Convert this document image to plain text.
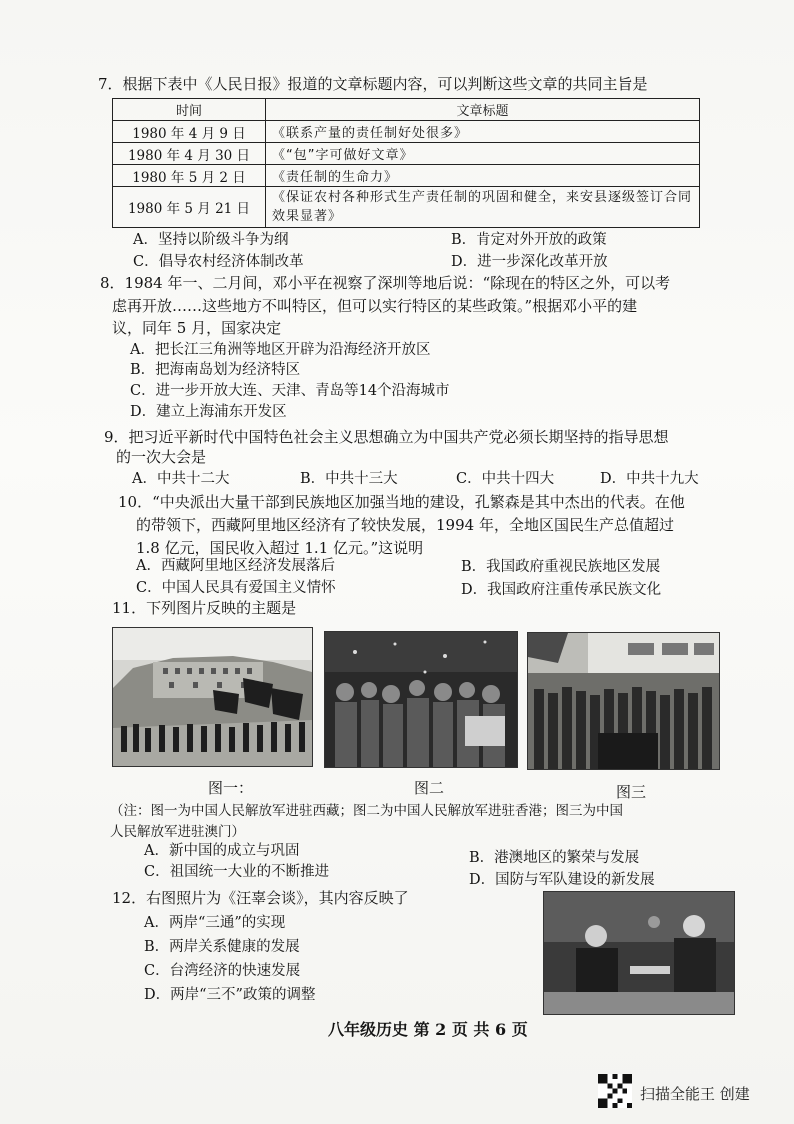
7．根据下表中《人民日报》报道的文章标题内容，可以判断这些文章的共同主旨是
时间	文章标题
1980 年 4 月 9 日	《联系产量的责任制好处很多》
1980 年 4 月 30 日	《“包”字可做好文章》
1980 年 5 月 2 日	《责任制的生命力》
1980 年 5 月 21 日	《保证农村各种形式生产责任制的巩固和健全，来安县逐级签订合同效果显著》
A．坚持以阶级斗争为纲	B．肯定对外开放的政策
C．倡导农村经济体制改革	D．进一步深化改革开放
8．1984 年一、二月间，邓小平在视察了深圳等地后说：“除现在的特区之外，可以考
虑再开放……这些地方不叫特区，但可以实行特区的某些政策。”根据邓小平的建
议，同年 5 月，国家决定
A．把长江三角洲等地区开辟为沿海经济开放区
B．把海南岛划为经济特区
C．进一步开放大连、天津、青岛等14个沿海城市
D．建立上海浦东开发区
9．把习近平新时代中国特色社会主义思想确立为中国共产党必须长期坚持的指导思想
的一次大会是
A．中共十二大	B．中共十三大	C．中共十四大	D．中共十九大
10．“中央派出大量干部到民族地区加强当地的建设，孔繁森是其中杰出的代表。在他
的带领下，西藏阿里地区经济有了较快发展，1994 年，全地区国民生产总值超过
1.8 亿元，国民收入超过 1.1 亿元。”这说明
A．西藏阿里地区经济发展落后	B．我国政府重视民族地区发展
C．中国人民具有爱国主义情怀	D．我国政府注重传承民族文化
11．下列图片反映的主题是
图一：	图二	图三
（注：图一为中国人民解放军进驻西藏；图二为中国人民解放军进驻香港；图三为中国
人民解放军进驻澳门）
A．新中国的成立与巩固	B．港澳地区的繁荣与发展
C．祖国统一大业的不断推进	D．国防与军队建设的新发展
12．右图照片为《汪辜会谈》，其内容反映了
A．两岸“三通”的实现
B．两岸关系健康的发展
C．台湾经济的快速发展
D．两岸“三不”政策的调整
八年级历史 第 2 页 共 6 页
扫描全能王 创建
